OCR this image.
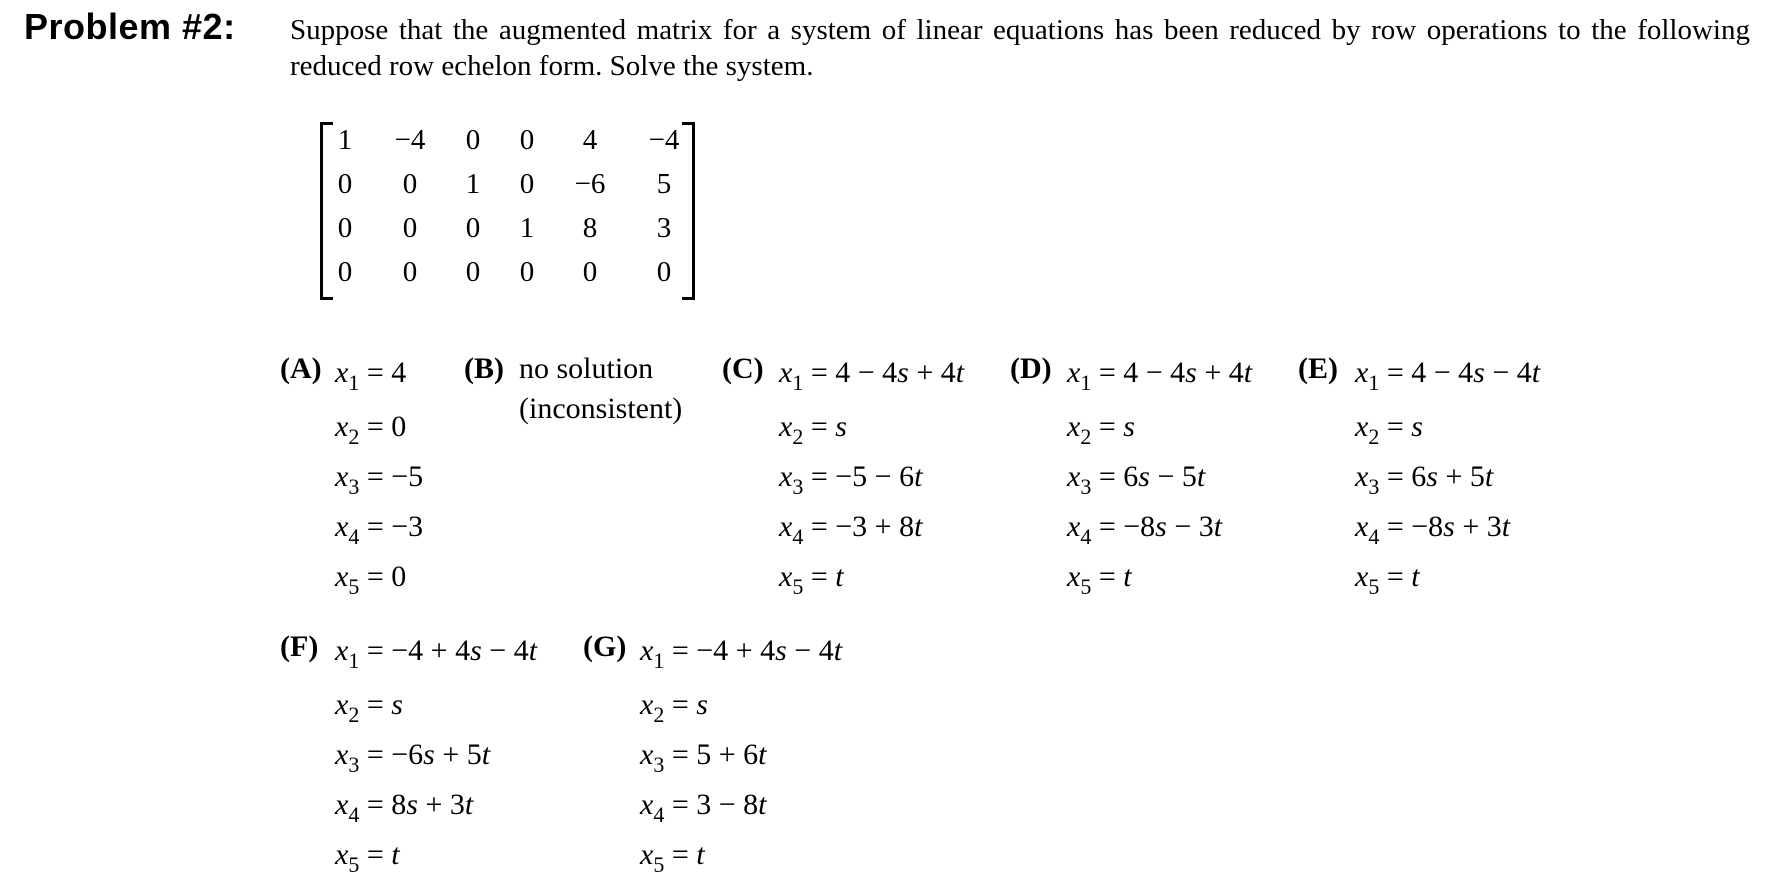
Problem #2: Suppose that the augmented matrix for a system of linear equations has been reduced by row operations to the following reduced row echelon form. Solve the system.
1 −4 0 0 4 −4
0 0 1 0 −6 5
0 0 0 1 8 3
0 0 0 0 0 0
(A) $x_1 = 4$
$x_2 = 0$
$x_3 = -5$
$x_4 = -3$
$x_5 = 0$
(B) no solution
(inconsistent)
(C) $x_1 = 4 - 4s + 4t$
$x_2 = s$
$x_3 = -5 - 6t$
$x_4 = -3 + 8t$
$x_5 = t$
(D) $x_1 = 4 - 4s + 4t$
$x_2 = s$
$x_3 = 6s - 5t$
$x_4 = -8s - 3t$
$x_5 = t$
(E) $x_1 = 4 - 4s - 4t$
$x_2 = s$
$x_3 = 6s + 5t$
$x_4 = -8s + 3t$
$x_5 = t$
(F) $x_1 = -4 + 4s - 4t$
$x_2 = s$
$x_3 = -6s + 5t$
$x_4 = 8s + 3t$
$x_5 = t$
(G) $x_1 = -4 + 4s - 4t$
$x_2 = s$
$x_3 = 5 + 6t$
$x_4 = 3 - 8t$
$x_5 = t$
